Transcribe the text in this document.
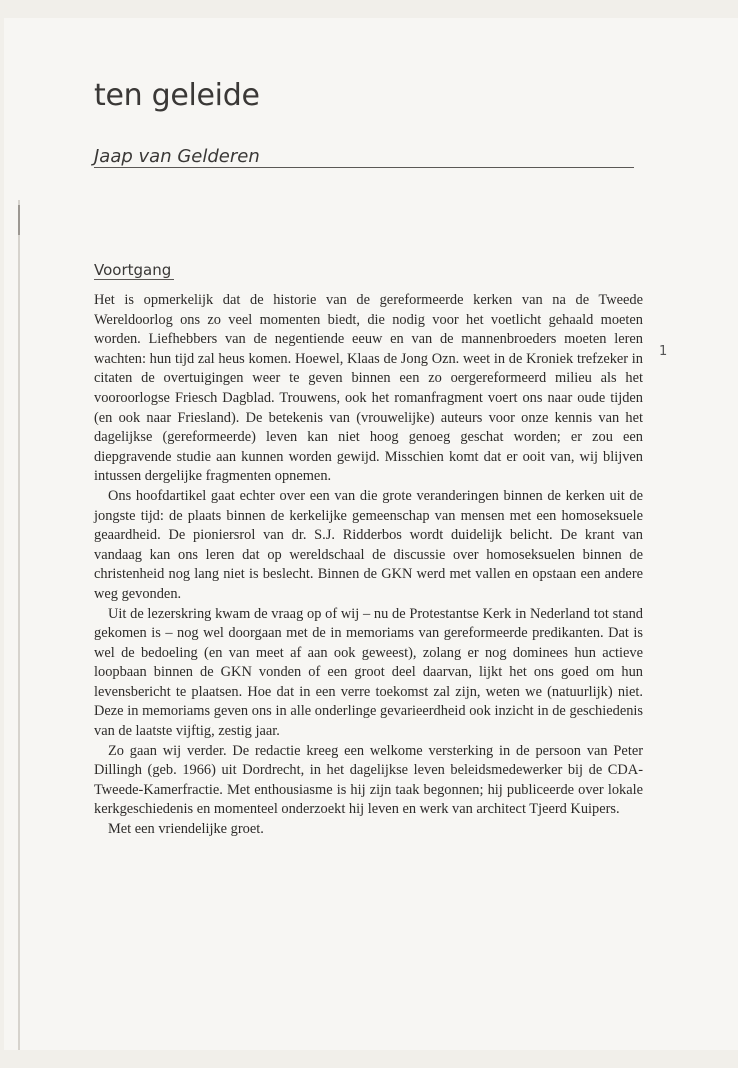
ten geleide
Jaap van Gelderen
Voortgang
1

Het is opmerkelijk dat de historie van de gereformeerde kerken van na de Tweede Wereldoorlog ons zo veel momenten biedt, die nodig voor het voetlicht gehaald moeten worden. Liefhebbers van de negentiende eeuw en van de mannenbroeders moeten leren wachten: hun tijd zal heus komen. Hoewel, Klaas de Jong Ozn. weet in de Kroniek trefzeker in citaten de overtuigingen weer te geven binnen een zo oergereformeerd milieu als het vooroorlogse Friesch Dagblad. Trouwens, ook het romanfragment voert ons naar oude tijden (en ook naar Friesland). De betekenis van (vrouwelijke) auteurs voor onze kennis van het dagelijkse (gereformeerde) leven kan niet hoog genoeg geschat worden; er zou een diepgravende studie aan kunnen worden gewijd. Misschien komt dat er ooit van, wij blijven intussen dergelijke fragmenten opnemen.

Ons hoofdartikel gaat echter over een van die grote veranderingen binnen de kerken uit de jongste tijd: de plaats binnen de kerkelijke gemeenschap van mensen met een homoseksuele geaardheid. De pioniersrol van dr. S.J. Ridderbos wordt duidelijk belicht. De krant van vandaag kan ons leren dat op wereldschaal de discussie over homoseksuelen binnen de christenheid nog lang niet is beslecht. Binnen de GKN werd met vallen en opstaan een andere weg gevonden.

Uit de lezerskring kwam de vraag op of wij – nu de Protestantse Kerk in Nederland tot stand gekomen is – nog wel doorgaan met de in memoriams van gereformeerde predikanten. Dat is wel de bedoeling (en van meet af aan ook geweest), zolang er nog dominees hun actieve loopbaan binnen de GKN vonden of een groot deel daarvan, lijkt het ons goed om hun levensbericht te plaatsen. Hoe dat in een verre toekomst zal zijn, weten we (natuurlijk) niet. Deze in memoriams geven ons in alle onderlinge gevarieerdheid ook inzicht in de geschiedenis van de laatste vijftig, zestig jaar.

Zo gaan wij verder. De redactie kreeg een welkome versterking in de persoon van Peter Dillingh (geb. 1966) uit Dordrecht, in het dagelijkse leven beleidsmedewerker bij de CDA-Tweede-Kamerfractie. Met enthousiasme is hij zijn taak begonnen; hij publiceerde over lokale kerkgeschiedenis en momenteel onderzoekt hij leven en werk van architect Tjeerd Kuipers.

Met een vriendelijke groet.
